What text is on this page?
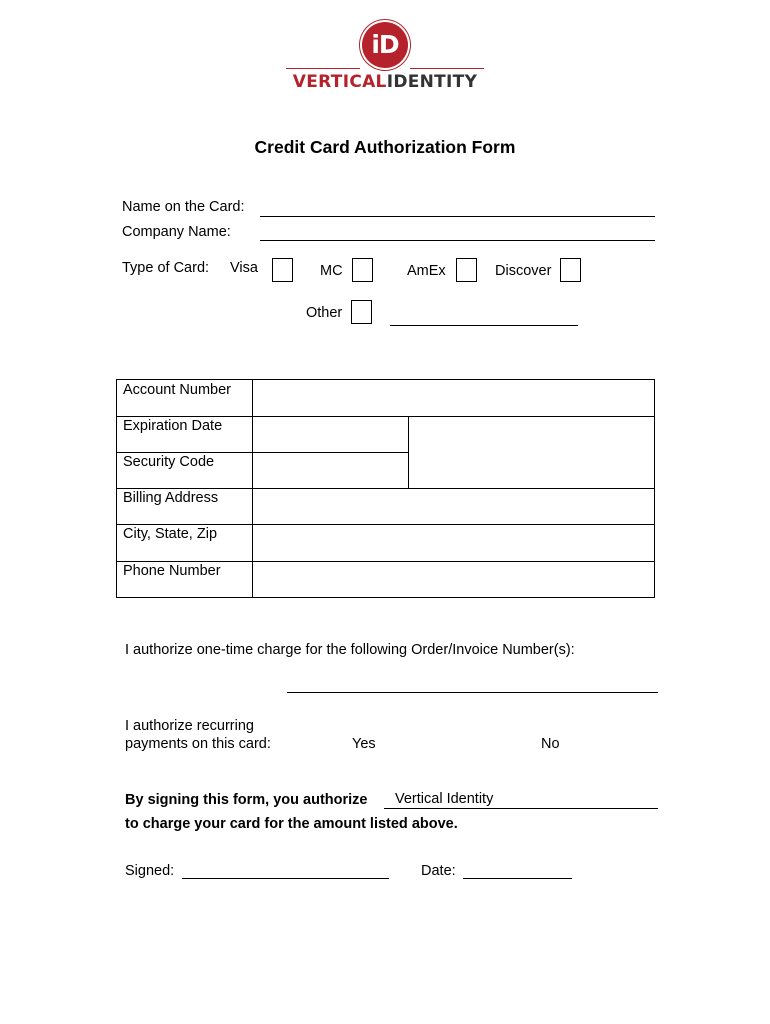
iD
VERTICALIDENTITY
Credit Card Authorization Form
Name on the Card:
Company Name:
Type of Card: Visa	MC	AmEx	Discover
Other
Account Number
Expiration Date
Security Code
Billing Address
City, State, Zip
Phone Number
I authorize one-time charge for the following Order/Invoice Number(s):
I authorize recurring
payments on this card:	Yes	No
By signing this form, you authorize Vertical Identity
to charge your card for the amount listed above.
Signed:	Date:
